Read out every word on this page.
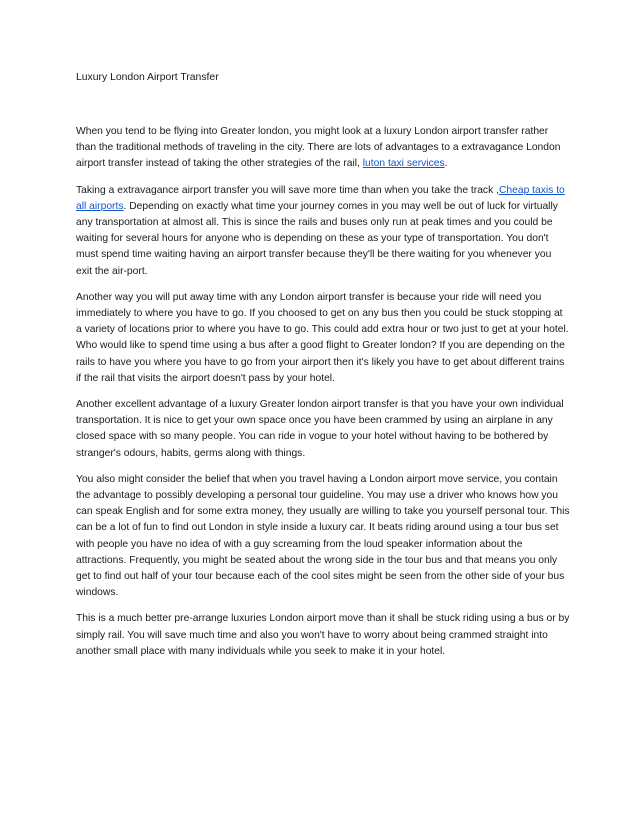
Luxury London Airport Transfer

When you tend to be flying into Greater london, you might look at a luxury London airport transfer rather than the traditional methods of traveling in the city. There are lots of advantages to a extravagance London airport transfer instead of taking the other strategies of the rail, luton taxi services.

Taking a extravagance airport transfer you will save more time than when you take the track ,Cheap taxis to all airports. Depending on exactly what time your journey comes in you may well be out of luck for virtually any transportation at almost all. This is since the rails and buses only run at peak times and you could be waiting for several hours for anyone who is depending on these as your type of transportation. You don't must spend time waiting having an airport transfer because they'll be there waiting for you whenever you exit the air-port.

Another way you will put away time with any London airport transfer is because your ride will need you immediately to where you have to go. If you choosed to get on any bus then you could be stuck stopping at a variety of locations prior to where you have to go. This could add extra hour or two just to get at your hotel. Who would like to spend time using a bus after a good flight to Greater london? If you are depending on the rails to have you where you have to go from your airport then it's likely you have to get about different trains if the rail that visits the airport doesn't pass by your hotel.

Another excellent advantage of a luxury Greater london airport transfer is that you have your own individual transportation. It is nice to get your own space once you have been crammed by using an airplane in any closed space with so many people. You can ride in vogue to your hotel without having to be bothered by stranger's odours, habits, germs along with things.

You also might consider the belief that when you travel having a London airport move service, you contain the advantage to possibly developing a personal tour guideline. You may use a driver who knows how you can speak English and for some extra money, they usually are willing to take you yourself personal tour. This can be a lot of fun to find out London in style inside a luxury car. It beats riding around using a tour bus set with people you have no idea of with a guy screaming from the loud speaker information about the attractions. Frequently, you might be seated about the wrong side in the tour bus and that means you only get to find out half of your tour because each of the cool sites might be seen from the other side of your bus windows.

This is a much better pre-arrange luxuries London airport move than it shall be stuck riding using a bus or by simply rail. You will save much time and also you won't have to worry about being crammed straight into another small place with many individuals while you seek to make it in your hotel.
